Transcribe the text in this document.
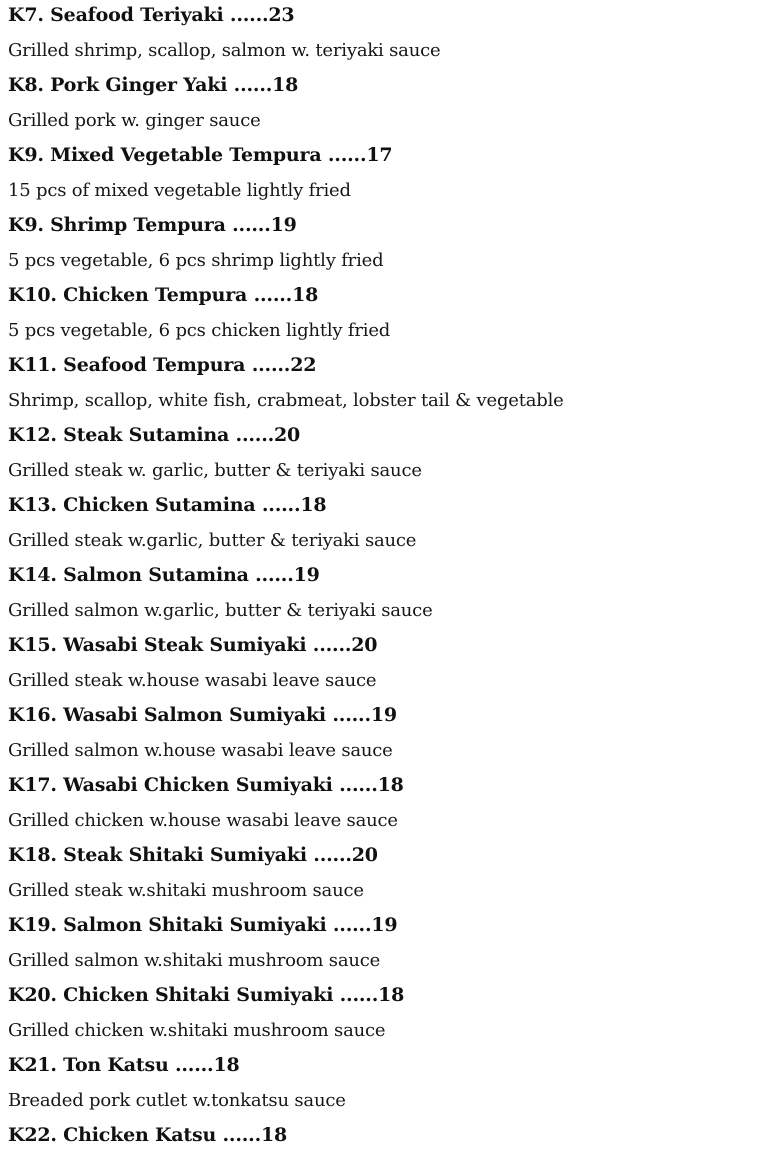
K7. Seafood Teriyaki ......23
Grilled shrimp, scallop, salmon w. teriyaki sauce
K8. Pork Ginger Yaki ......18
Grilled pork w. ginger sauce
K9. Mixed Vegetable Tempura ......17
15 pcs of mixed vegetable lightly fried
K9. Shrimp Tempura ......19
5 pcs vegetable, 6 pcs shrimp lightly fried
K10. Chicken Tempura ......18
5 pcs vegetable, 6 pcs chicken lightly fried
K11. Seafood Tempura ......22
Shrimp, scallop, white fish, crabmeat, lobster tail & vegetable
K12. Steak Sutamina ......20
Grilled steak w. garlic, butter & teriyaki sauce
K13. Chicken Sutamina ......18
Grilled steak w.garlic, butter & teriyaki sauce
K14. Salmon Sutamina ......19
Grilled salmon w.garlic, butter & teriyaki sauce
K15. Wasabi Steak Sumiyaki ......20
Grilled steak w.house wasabi leave sauce
K16. Wasabi Salmon Sumiyaki ......19
Grilled salmon w.house wasabi leave sauce
K17. Wasabi Chicken Sumiyaki ......18
Grilled chicken w.house wasabi leave sauce
K18. Steak Shitaki Sumiyaki ......20
Grilled steak w.shitaki mushroom sauce
K19. Salmon Shitaki Sumiyaki ......19
Grilled salmon w.shitaki mushroom sauce
K20. Chicken Shitaki Sumiyaki ......18
Grilled chicken w.shitaki mushroom sauce
K21. Ton Katsu ......18
Breaded pork cutlet w.tonkatsu sauce
K22. Chicken Katsu ......18
